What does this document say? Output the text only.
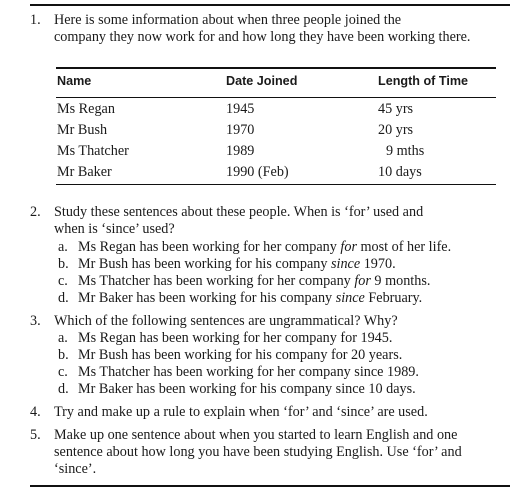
1. Here is some information about when three people joined the
company they now work for and how long they have been working there.
Name	Date Joined	Length of Time
Ms Regan	1945	45 yrs
Mr Bush	1970	20 yrs
Ms Thatcher	1989	9 mths
Mr Baker	1990 (Feb)	10 days
2. Study these sentences about these people. When is ‘for’ used and
when is ‘since’ used?
a. Ms Regan has been working for her company for most of her life.
b. Mr Bush has been working for his company since 1970.
c. Ms Thatcher has been working for her company for 9 months.
d. Mr Baker has been working for his company since February.
3. Which of the following sentences are ungrammatical? Why?
a. Ms Regan has been working for her company for 1945.
b. Mr Bush has been working for his company for 20 years.
c. Ms Thatcher has been working for her company since 1989.
d. Mr Baker has been working for his company since 10 days.
4. Try and make up a rule to explain when ‘for’ and ‘since’ are used.
5. Make up one sentence about when you started to learn English and one
sentence about how long you have been studying English. Use ‘for’ and
‘since’.
